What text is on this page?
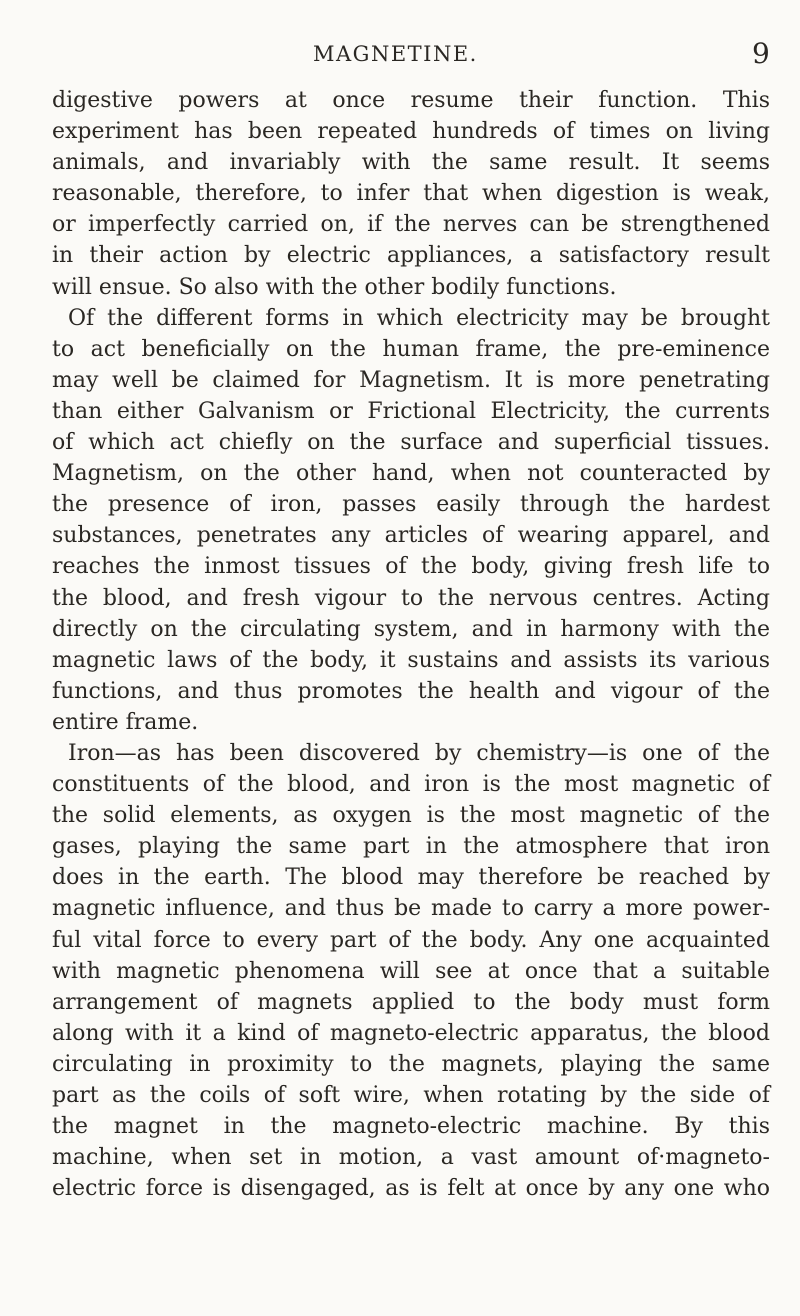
MAGNETINE.	9
digestive powers at once resume their function. This
experiment has been repeated hundreds of times on living
animals, and invariably with the same result. It seems
reasonable, therefore, to infer that when digestion is weak,
or imperfectly carried on, if the nerves can be strengthened
in their action by electric appliances, a satisfactory result
will ensue. So also with the other bodily functions.
Of the different forms in which electricity may be brought
to act beneficially on the human frame, the pre-eminence
may well be claimed for Magnetism. It is more penetrating
than either Galvanism or Frictional Electricity, the currents
of which act chiefly on the surface and superficial tissues.
Magnetism, on the other hand, when not counteracted by
the presence of iron, passes easily through the hardest
substances, penetrates any articles of wearing apparel, and
reaches the inmost tissues of the body, giving fresh life to
the blood, and fresh vigour to the nervous centres. Acting
directly on the circulating system, and in harmony with the
magnetic laws of the body, it sustains and assists its various
functions, and thus promotes the health and vigour of the
entire frame.
Iron—as has been discovered by chemistry—is one of the
constituents of the blood, and iron is the most magnetic of
the solid elements, as oxygen is the most magnetic of the
gases, playing the same part in the atmosphere that iron
does in the earth. The blood may therefore be reached by
magnetic influence, and thus be made to carry a more power-
ful vital force to every part of the body. Any one acquainted
with magnetic phenomena will see at once that a suitable
arrangement of magnets applied to the body must form
along with it a kind of magneto-electric apparatus, the blood
circulating in proximity to the magnets, playing the same
part as the coils of soft wire, when rotating by the side of
the magnet in the magneto-electric machine. By this
machine, when set in motion, a vast amount of·magneto-
electric force is disengaged, as is felt at once by any one who
